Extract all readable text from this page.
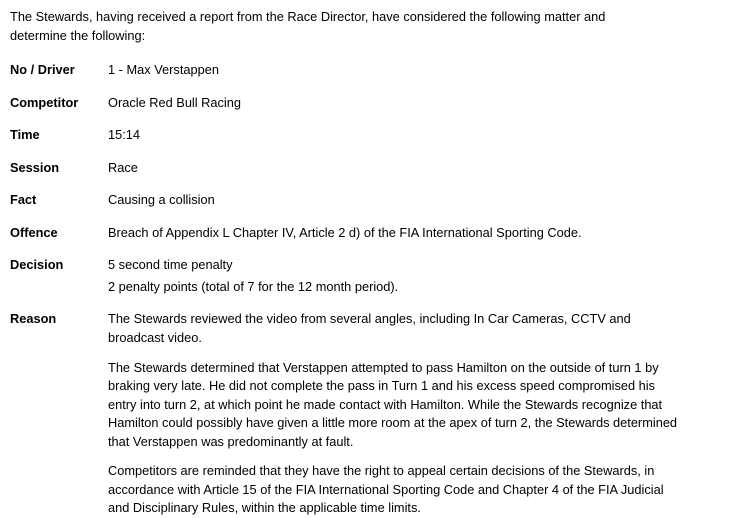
The Stewards, having received a report from the Race Director, have considered the following matter and determine the following:

No / Driver	1 - Max Verstappen
Competitor	Oracle Red Bull Racing
Time	15:14
Session	Race
Fact	Causing a collision
Offence	Breach of Appendix L Chapter IV, Article 2 d) of the FIA International Sporting Code.
Decision	5 second time penalty
2 penalty points (total of 7 for the 12 month period).
Reason	The Stewards reviewed the video from several angles, including In Car Cameras, CCTV and broadcast video.

The Stewards determined that Verstappen attempted to pass Hamilton on the outside of turn 1 by braking very late. He did not complete the pass in Turn 1 and his excess speed compromised his entry into turn 2, at which point he made contact with Hamilton. While the Stewards recognize that Hamilton could possibly have given a little more room at the apex of turn 2, the Stewards determined that Verstappen was predominantly at fault.

Competitors are reminded that they have the right to appeal certain decisions of the Stewards, in accordance with Article 15 of the FIA International Sporting Code and Chapter 4 of the FIA Judicial and Disciplinary Rules, within the applicable time limits.
